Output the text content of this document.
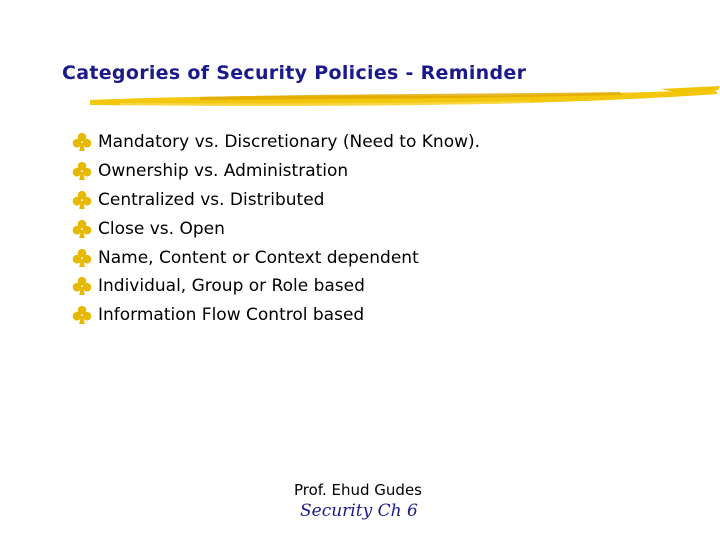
Categories of Security Policies - Reminder
Mandatory vs. Discretionary (Need to Know).
Ownership vs. Administration
Centralized vs. Distributed
Close vs. Open
Name, Content or Context dependent
Individual, Group or Role based
Information Flow Control based
Prof. Ehud Gudes
Security Ch 6
